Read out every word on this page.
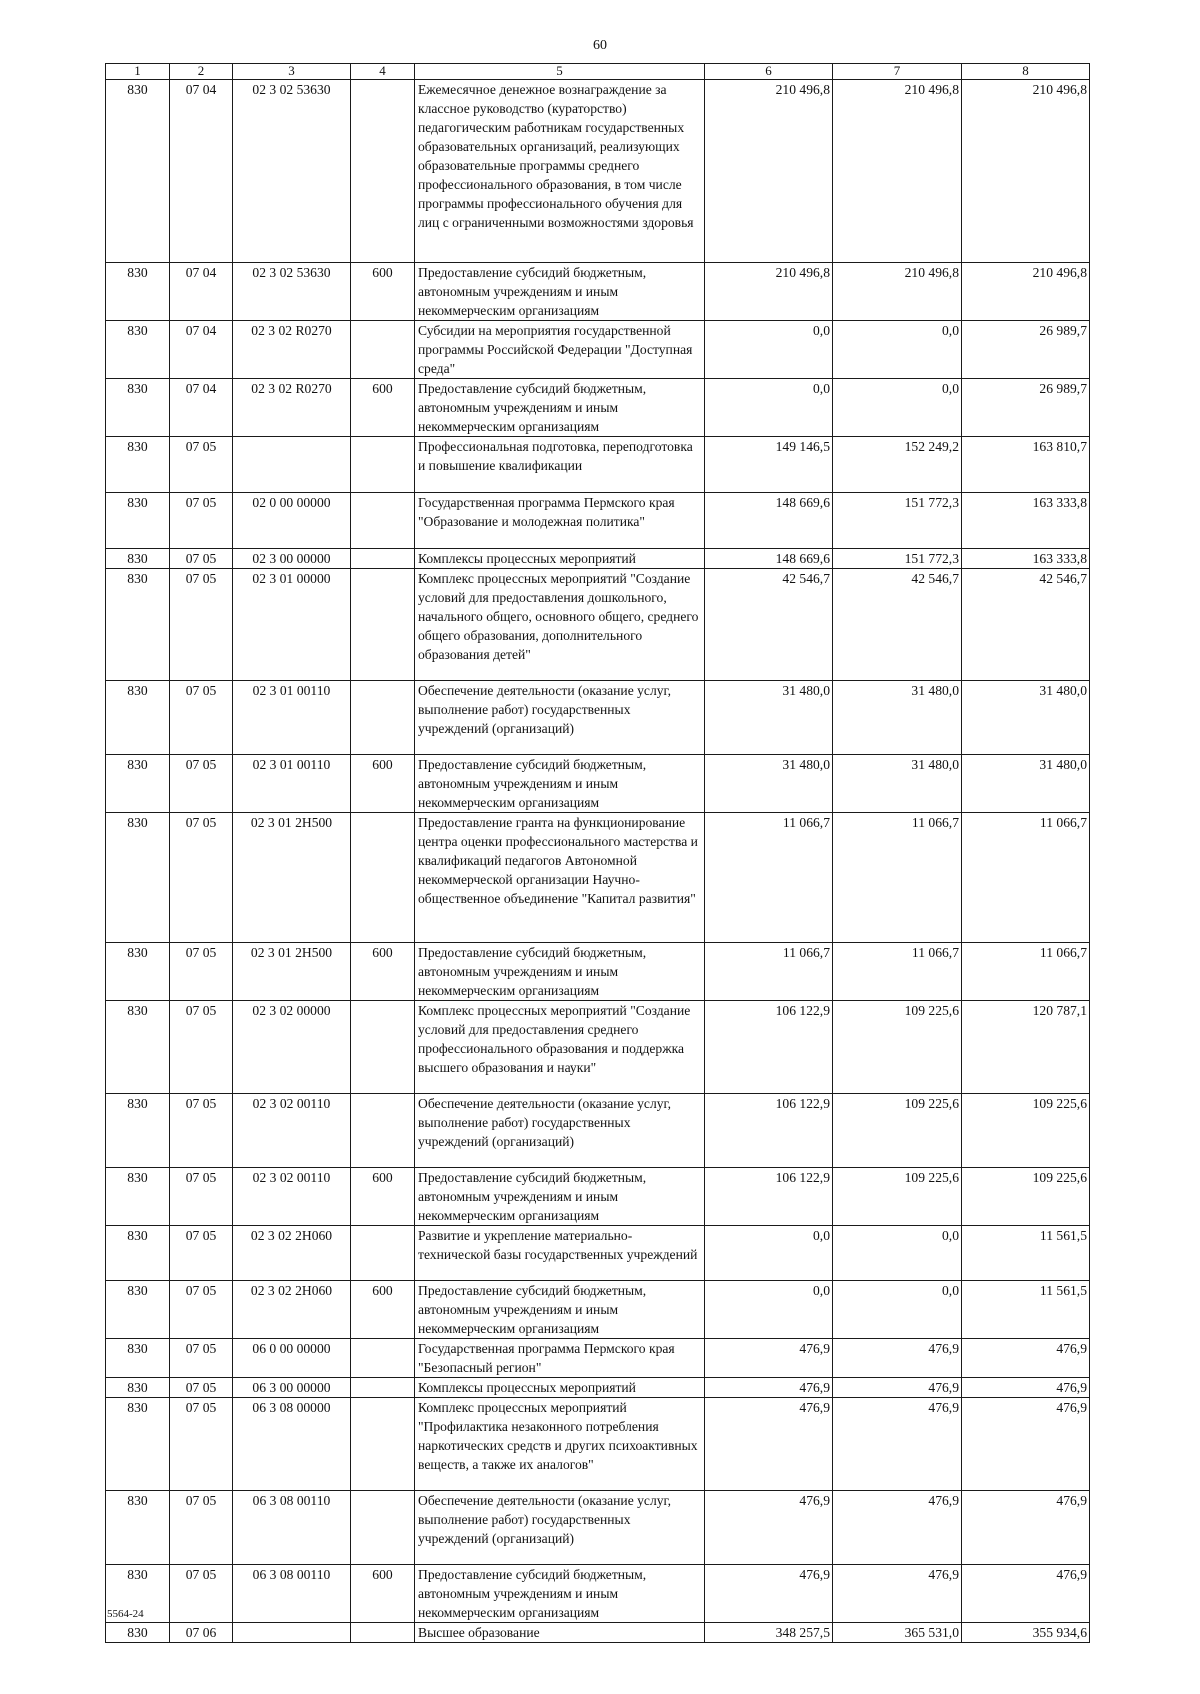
60
1	2	3	4	5	6	7	8
830	07 04	02 3 02 53630		Ежемесячное денежное вознаграждение за классное руководство (кураторство) педагогическим работникам государственных образовательных организаций, реализующих образовательные программы среднего профессионального образования, в том числе программы профессионального обучения для лиц с ограниченными возможностями здоровья	210 496,8	210 496,8	210 496,8
830	07 04	02 3 02 53630	600	Предоставление субсидий бюджетным, автономным учреждениям и иным некоммерческим организациям	210 496,8	210 496,8	210 496,8
830	07 04	02 3 02 R0270		Субсидии на мероприятия государственной программы Российской Федерации "Доступная среда"	0,0	0,0	26 989,7
830	07 04	02 3 02 R0270	600	Предоставление субсидий бюджетным, автономным учреждениям и иным некоммерческим организациям	0,0	0,0	26 989,7
830	07 05			Профессиональная подготовка, переподготовка и повышение квалификации	149 146,5	152 249,2	163 810,7
830	07 05	02 0 00 00000		Государственная программа Пермского края "Образование и молодежная политика"	148 669,6	151 772,3	163 333,8
830	07 05	02 3 00 00000		Комплексы процессных мероприятий	148 669,6	151 772,3	163 333,8
830	07 05	02 3 01 00000		Комплекс процессных мероприятий "Создание условий для предоставления дошкольного, начального общего, основного общего, среднего общего образования, дополнительного образования детей"	42 546,7	42 546,7	42 546,7
830	07 05	02 3 01 00110		Обеспечение деятельности (оказание услуг, выполнение работ) государственных учреждений (организаций)	31 480,0	31 480,0	31 480,0
830	07 05	02 3 01 00110	600	Предоставление субсидий бюджетным, автономным учреждениям и иным некоммерческим организациям	31 480,0	31 480,0	31 480,0
830	07 05	02 3 01 2H500		Предоставление гранта на функционирование центра оценки профессионального мастерства и квалификаций педагогов Автономной некоммерческой организации Научно-общественное объединение "Капитал развития"	11 066,7	11 066,7	11 066,7
830	07 05	02 3 01 2H500	600	Предоставление субсидий бюджетным, автономным учреждениям и иным некоммерческим организациям	11 066,7	11 066,7	11 066,7
830	07 05	02 3 02 00000		Комплекс процессных мероприятий "Создание условий для предоставления среднего профессионального образования и поддержка высшего образования и науки"	106 122,9	109 225,6	120 787,1
830	07 05	02 3 02 00110		Обеспечение деятельности (оказание услуг, выполнение работ) государственных учреждений (организаций)	106 122,9	109 225,6	109 225,6
830	07 05	02 3 02 00110	600	Предоставление субсидий бюджетным, автономным учреждениям и иным некоммерческим организациям	106 122,9	109 225,6	109 225,6
830	07 05	02 3 02 2H060		Развитие и укрепление материально-технической базы государственных учреждений	0,0	0,0	11 561,5
830	07 05	02 3 02 2H060	600	Предоставление субсидий бюджетным, автономным учреждениям и иным некоммерческим организациям	0,0	0,0	11 561,5
830	07 05	06 0 00 00000		Государственная программа Пермского края "Безопасный регион"	476,9	476,9	476,9
830	07 05	06 3 00 00000		Комплексы процессных мероприятий	476,9	476,9	476,9
830	07 05	06 3 08 00000		Комплекс процессных мероприятий "Профилактика незаконного потребления наркотических средств и других психоактивных веществ, а также их аналогов"	476,9	476,9	476,9
830	07 05	06 3 08 00110		Обеспечение деятельности (оказание услуг, выполнение работ) государственных учреждений (организаций)	476,9	476,9	476,9
830	07 05	06 3 08 00110	600	Предоставление субсидий бюджетным, автономным учреждениям и иным некоммерческим организациям	476,9	476,9	476,9
830	07 06			Высшее образование	348 257,5	365 531,0	355 934,6
5564-24
